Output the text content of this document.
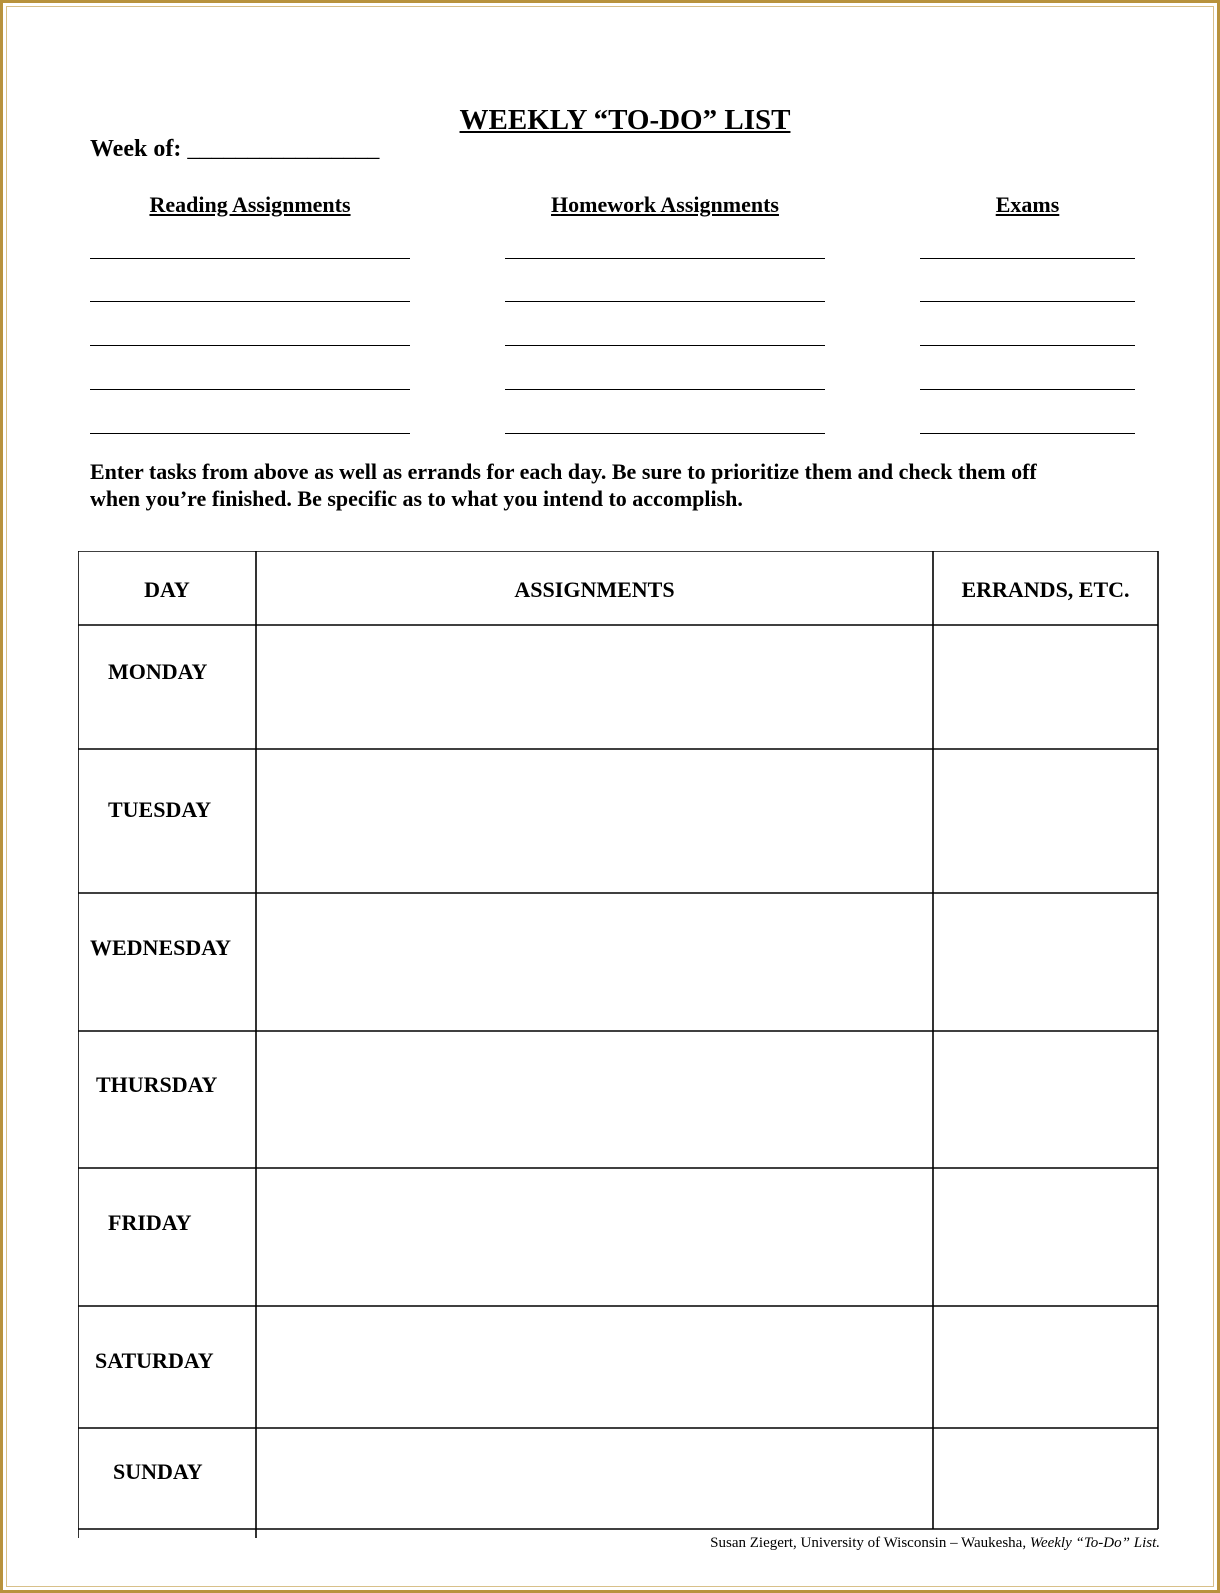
WEEKLY “TO-DO” LIST
Week of: ________________
Reading Assignments	Homework Assignments	Exams
Enter tasks from above as well as errands for each day. Be sure to prioritize them and check them off
when you’re finished. Be specific as to what you intend to accomplish.
DAY	ASSIGNMENTS	ERRANDS, ETC.
MONDAY
TUESDAY
WEDNESDAY
THURSDAY
FRIDAY
SATURDAY
SUNDAY
Susan Ziegert, University of Wisconsin – Waukesha, Weekly “To-Do” List.
